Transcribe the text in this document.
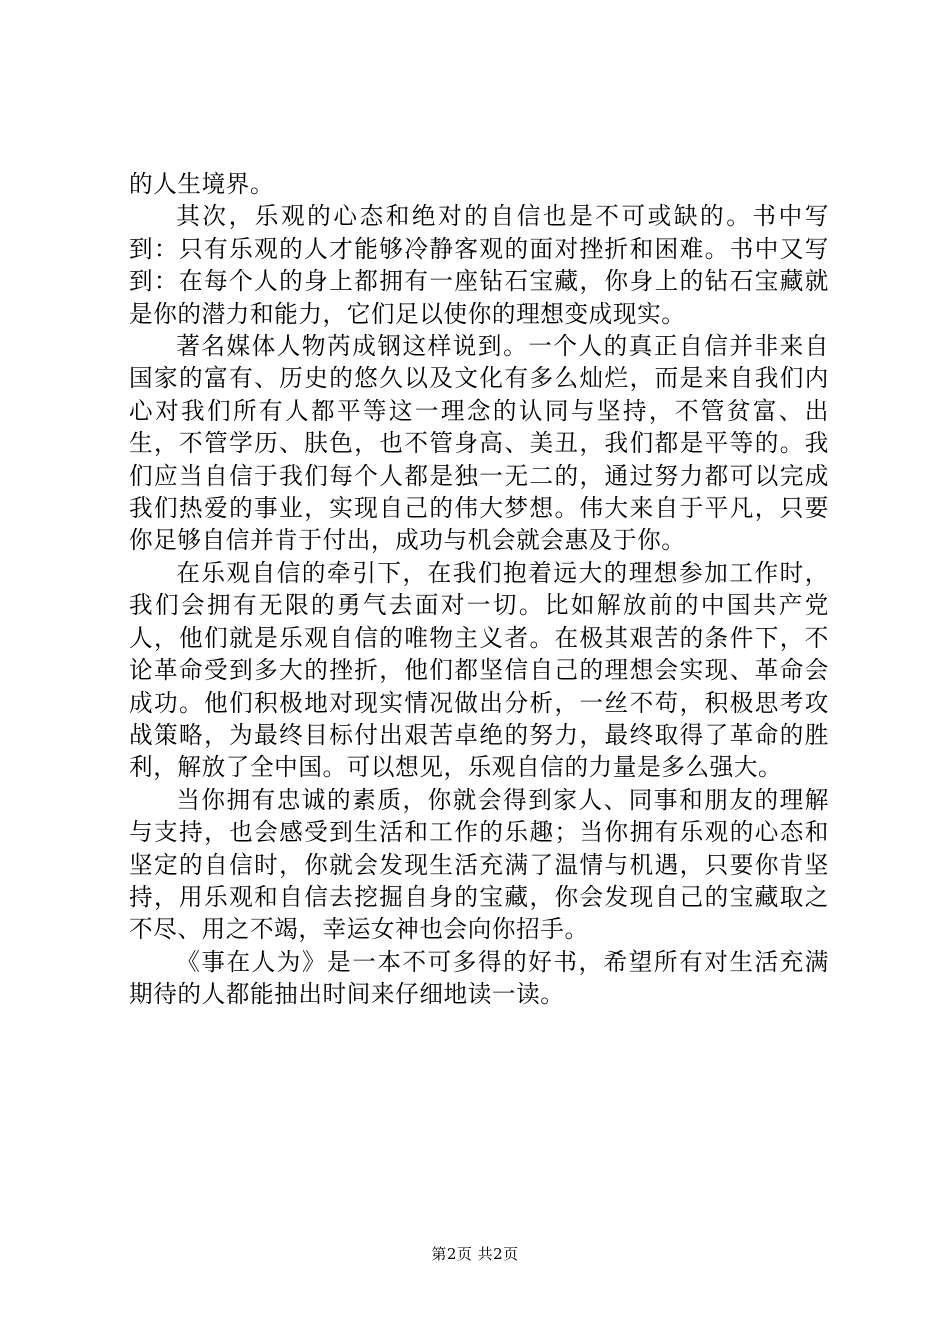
的人生境界。

其次，乐观的心态和绝对的自信也是不可或缺的。书中写到：只有乐观的人才能够冷静客观的面对挫折和困难。书中又写到：在每个人的身上都拥有一座钻石宝藏，你身上的钻石宝藏就是你的潜力和能力，它们足以使你的理想变成现实。

著名媒体人物芮成钢这样说到。一个人的真正自信并非来自国家的富有、历史的悠久以及文化有多么灿烂，而是来自我们内心对我们所有人都平等这一理念的认同与坚持，不管贫富、出生，不管学历、肤色，也不管身高、美丑，我们都是平等的。我们应当自信于我们每个人都是独一无二的，通过努力都可以完成我们热爱的事业，实现自己的伟大梦想。伟大来自于平凡，只要你足够自信并肯于付出，成功与机会就会惠及于你。

在乐观自信的牵引下，在我们抱着远大的理想参加工作时，我们会拥有无限的勇气去面对一切。比如解放前的中国共产党人，他们就是乐观自信的唯物主义者。在极其艰苦的条件下，不论革命受到多大的挫折，他们都坚信自己的理想会实现、革命会成功。他们积极地对现实情况做出分析，一丝不苟，积极思考攻战策略，为最终目标付出艰苦卓绝的努力，最终取得了革命的胜利，解放了全中国。可以想见，乐观自信的力量是多么强大。

当你拥有忠诚的素质，你就会得到家人、同事和朋友的理解与支持，也会感受到生活和工作的乐趣；当你拥有乐观的心态和坚定的自信时，你就会发现生活充满了温情与机遇，只要你肯坚持，用乐观和自信去挖掘自身的宝藏，你会发现自己的宝藏取之不尽、用之不竭，幸运女神也会向你招手。

《事在人为》是一本不可多得的好书，希望所有对生活充满期待的人都能抽出时间来仔细地读一读。

第2页 共2页
